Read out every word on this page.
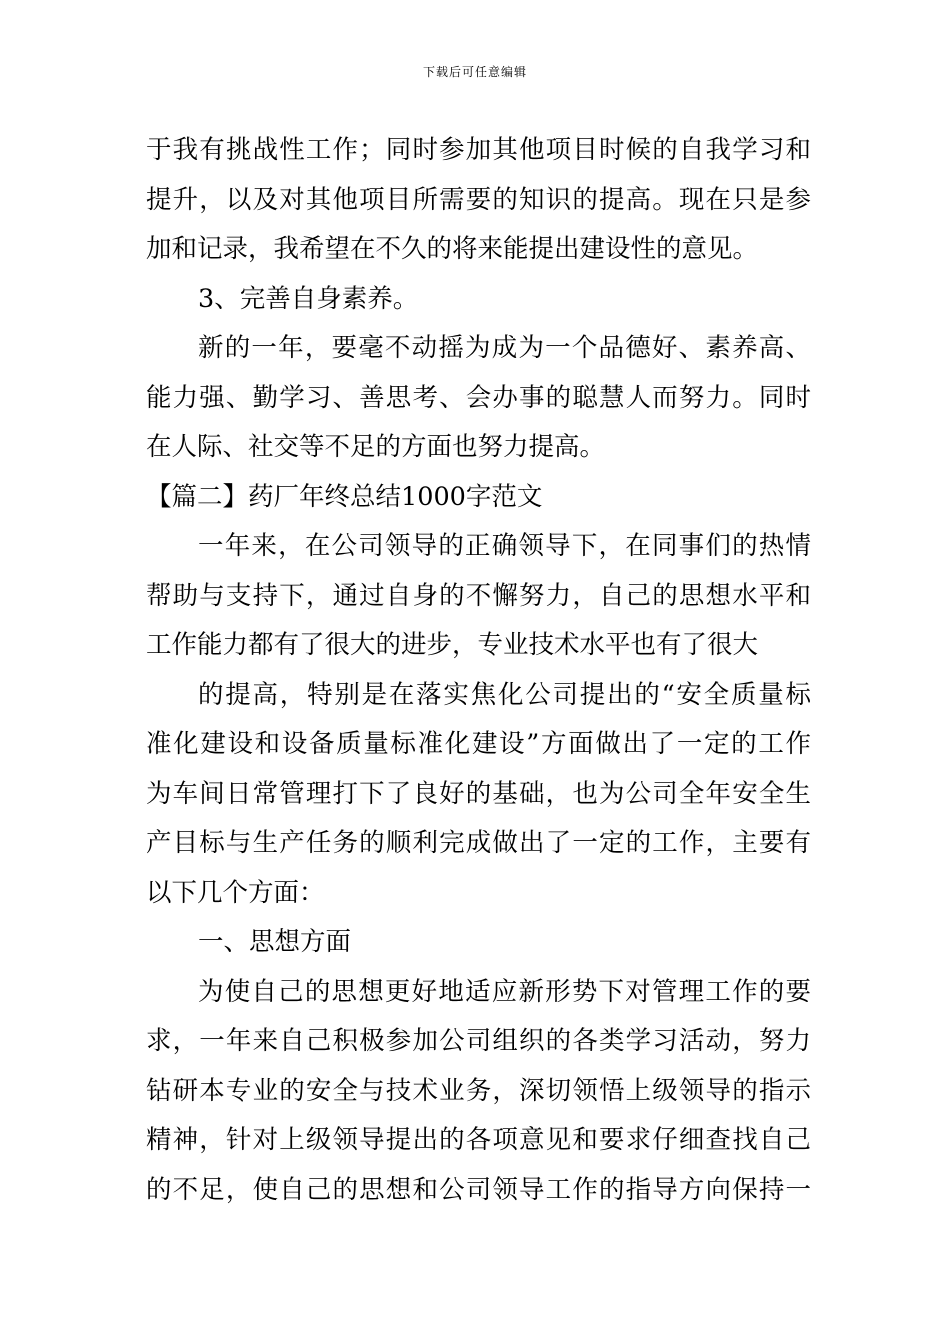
下载后可任意编辑
于我有挑战性工作；同时参加其他项目时候的自我学习和
提升，以及对其他项目所需要的知识的提高。现在只是参
加和记录，我希望在不久的将来能提出建设性的意见。
3、完善自身素养。
新的一年，要毫不动摇为成为一个品德好、素养高、
能力强、勤学习、善思考、会办事的聪慧人而努力。同时
在人际、社交等不足的方面也努力提高。
【篇二】药厂年终总结1000字范文
一年来，在公司领导的正确领导下，在同事们的热情
帮助与支持下，通过自身的不懈努力，自己的思想水平和
工作能力都有了很大的进步，专业技术水平也有了很大
的提高，特别是在落实焦化公司提出的“安全质量标
准化建设和设备质量标准化建设”方面做出了一定的工作
为车间日常管理打下了良好的基础，也为公司全年安全生
产目标与生产任务的顺利完成做出了一定的工作，主要有
以下几个方面：
一、思想方面
为使自己的思想更好地适应新形势下对管理工作的要
求，一年来自己积极参加公司组织的各类学习活动，努力
钻研本专业的安全与技术业务，深切领悟上级领导的指示
精神，针对上级领导提出的各项意见和要求仔细查找自己
的不足，使自己的思想和公司领导工作的指导方向保持一
